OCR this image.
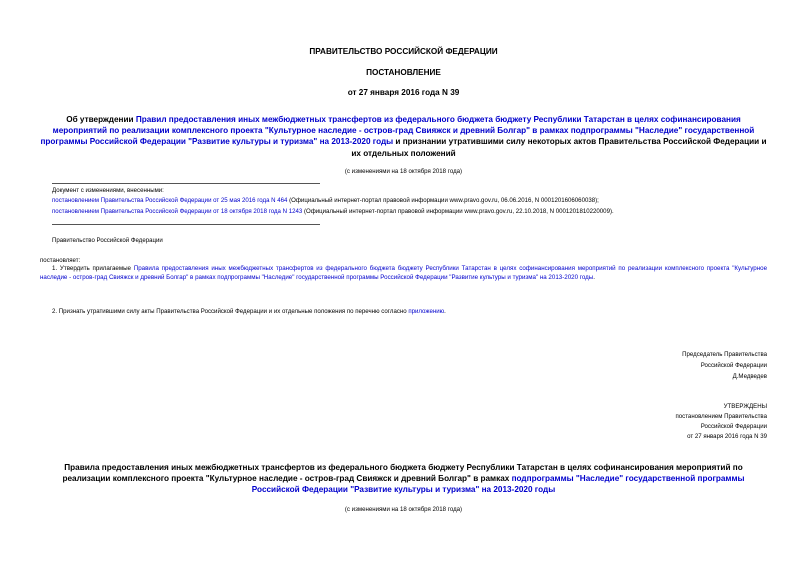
ПРАВИТЕЛЬСТВО РОССИЙСКОЙ ФЕДЕРАЦИИ
ПОСТАНОВЛЕНИЕ
от 27 января 2016 года N 39
Об утверждении Правил предоставления иных межбюджетных трансфертов из федерального бюджета бюджету Республики Татарстан в целях софинансирования мероприятий по реализации комплексного проекта "Культурное наследие - остров-град Свияжск и древний Болгар" в рамках подпрограммы "Наследие" государственной программы Российской Федерации "Развитие культуры и туризма" на 2013-2020 годы и признании утратившими силу некоторых актов Правительства Российской Федерации и их отдельных положений
(с изменениями на 18 октября 2018 года)
Документ с изменениями, внесенными:
постановлением Правительства Российской Федерации от 25 мая 2016 года N 464 (Официальный интернет-портал правовой информации www.pravo.gov.ru, 06.06.2016, N 0001201606060038);
постановлением Правительства Российской Федерации от 18 октября 2018 года N 1243 (Официальный интернет-портал правовой информации www.pravo.gov.ru, 22.10.2018, N 0001201810220009).
Правительство Российской Федерации
постановляет:
1. Утвердить прилагаемые Правила предоставления иных межбюджетных трансфертов из федерального бюджета бюджету Республики Татарстан в целях софинансирования мероприятий по реализации комплексного проекта "Культурное наследие - остров-град Свияжск и древний Болгар" в рамках подпрограммы "Наследие" государственной программы Российской Федерации "Развитие культуры и туризма" на 2013-2020 годы.
2. Признать утратившими силу акты Правительства Российской Федерации и их отдельные положения по перечню согласно приложению.
Председатель Правительства
Российской Федерации
Д.Медведев
УТВЕРЖДЕНЫ
постановлением Правительства
Российской Федерации
от 27 января 2016 года N 39
Правила предоставления иных межбюджетных трансфертов из федерального бюджета бюджету Республики Татарстан в целях софинансирования мероприятий по реализации комплексного проекта "Культурное наследие - остров-град Свияжск и древний Болгар" в рамках подпрограммы "Наследие" государственной программы Российской Федерации "Развитие культуры и туризма" на 2013-2020 годы
(с изменениями на 18 октября 2018 года)
